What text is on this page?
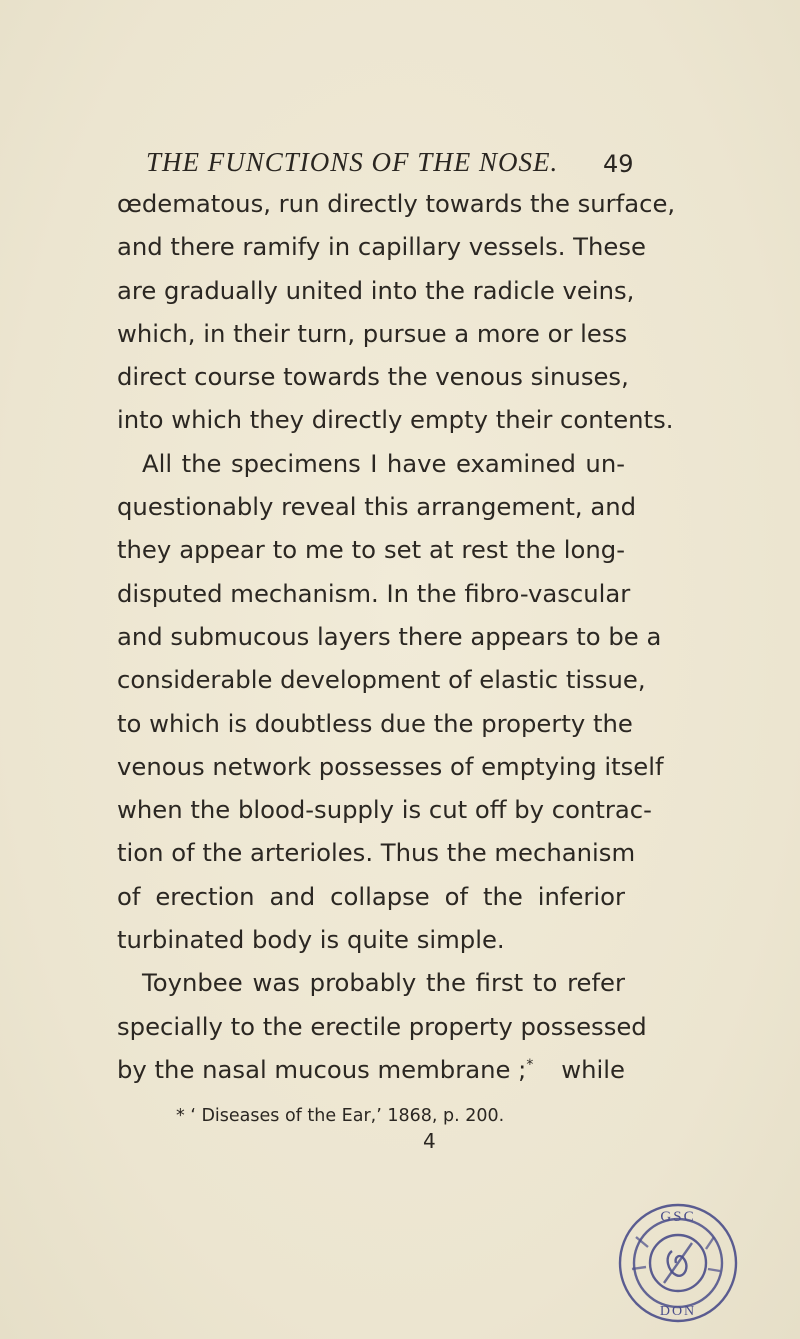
THE FUNCTIONS OF THE NOSE.	49
œdematous, run directly towards the surface,
and there ramify in capillary vessels. These
are gradually united into the radicle veins,
which, in their turn, pursue a more or less
direct course towards the venous sinuses,
into which they directly empty their contents.
All the specimens I have examined un-
questionably reveal this arrangement, and
they appear to me to set at rest the long-
disputed mechanism. In the fibro-vascular
and submucous layers there appears to be a
considerable development of elastic tissue,
to which is doubtless due the property the
venous network possesses of emptying itself
when the blood-supply is cut off by contrac-
tion of the arterioles. Thus the mechanism
of erection and collapse of the inferior
turbinated body is quite simple.
Toynbee was probably the first to refer
specially to the erectile property possessed
by the nasal mucous membrane ;* while
* ‘ Diseases of the Ear,’ 1868, p. 200.
4
GSC
DON
